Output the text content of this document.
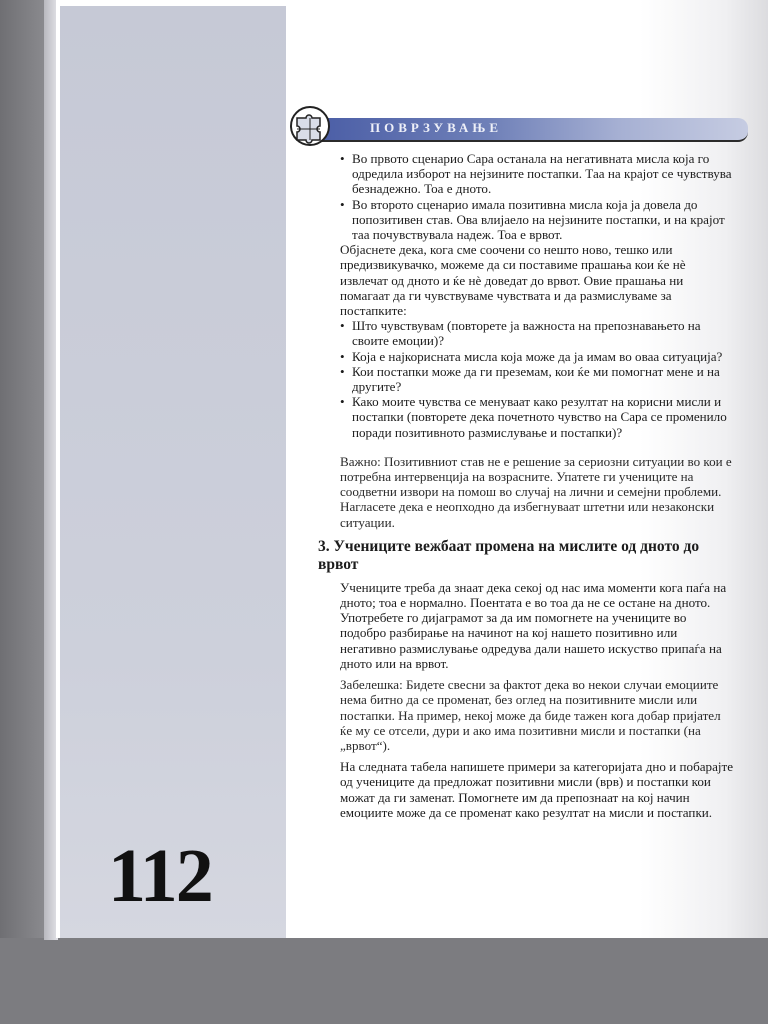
112
ПОВРЗУВАЊЕ
• Во првото сценарио Сара останала на негативната мисла која го одредила изборот на нејзините постапки. Таа на крајот се чувствува безнадежно. Тоа е дното.
• Во второто сценарио имала позитивна мисла која ја довела до попозитивен став. Ова влијаело на нејзините постапки, и на крајот таа почувствувала надеж. Тоа е врвот.
Објаснете дека, кога сме соочени со нешто ново, тешко или предизвикувачко, можеме да си поставиме прашања кои ќе нè извлечат од дното и ќе нè доведат до врвот. Овие прашања ни помагаат да ги чувствуваме чувствата и да размислуваме за постапките:
• Што чувствувам (повторете ја важноста на препознавањето на своите емоции)?
• Која е најкорисната мисла која може да ја имам во оваа ситуација?
• Кои постапки може да ги преземам, кои ќе ми помогнат мене и на другите?
• Како моите чувства се менуваат како резултат на корисни мисли и постапки (повторете дека почетното чувство на Сара се променило поради позитивното размислување и постапки)?
Важно: Позитивниот став не е решение за сериозни ситуации во кои е потребна интервенција на возрасните. Упатете ги учениците на соодветни извори на помош во случај на лични и семејни проблеми. Нагласете дека е неопходно да избегнуваат штетни или незаконски ситуации.
3. Учениците вежбаат промена на мислите од дното до врвот
Учениците треба да знаат дека секој од нас има моменти кога паѓа на дното; тоа е нормално. Поентата е во тоа да не се остане на дното. Употребете го дијаграмот за да им помогнете на учениците во подобро разбирање на начинот на кој нашето позитивно или негативно размислување одредува дали нашето искуство припаѓа на дното или на врвот.
Забелешка: Бидете свесни за фактот дека во некои случаи емоциите нема битно да се променат, без оглед на позитивните мисли или постапки. На пример, некој може да биде тажен кога добар пријател ќе му се отсели, дури и ако има позитивни мисли и постапки (на „врвот“).
На следната табела напишете примери за категоријата дно и побарајте од учениците да предложат позитивни мисли (врв) и постапки кои можат да ги заменат. Помогнете им да препознаат на кој начин емоциите може да се променат како резултат на мисли и постапки.
